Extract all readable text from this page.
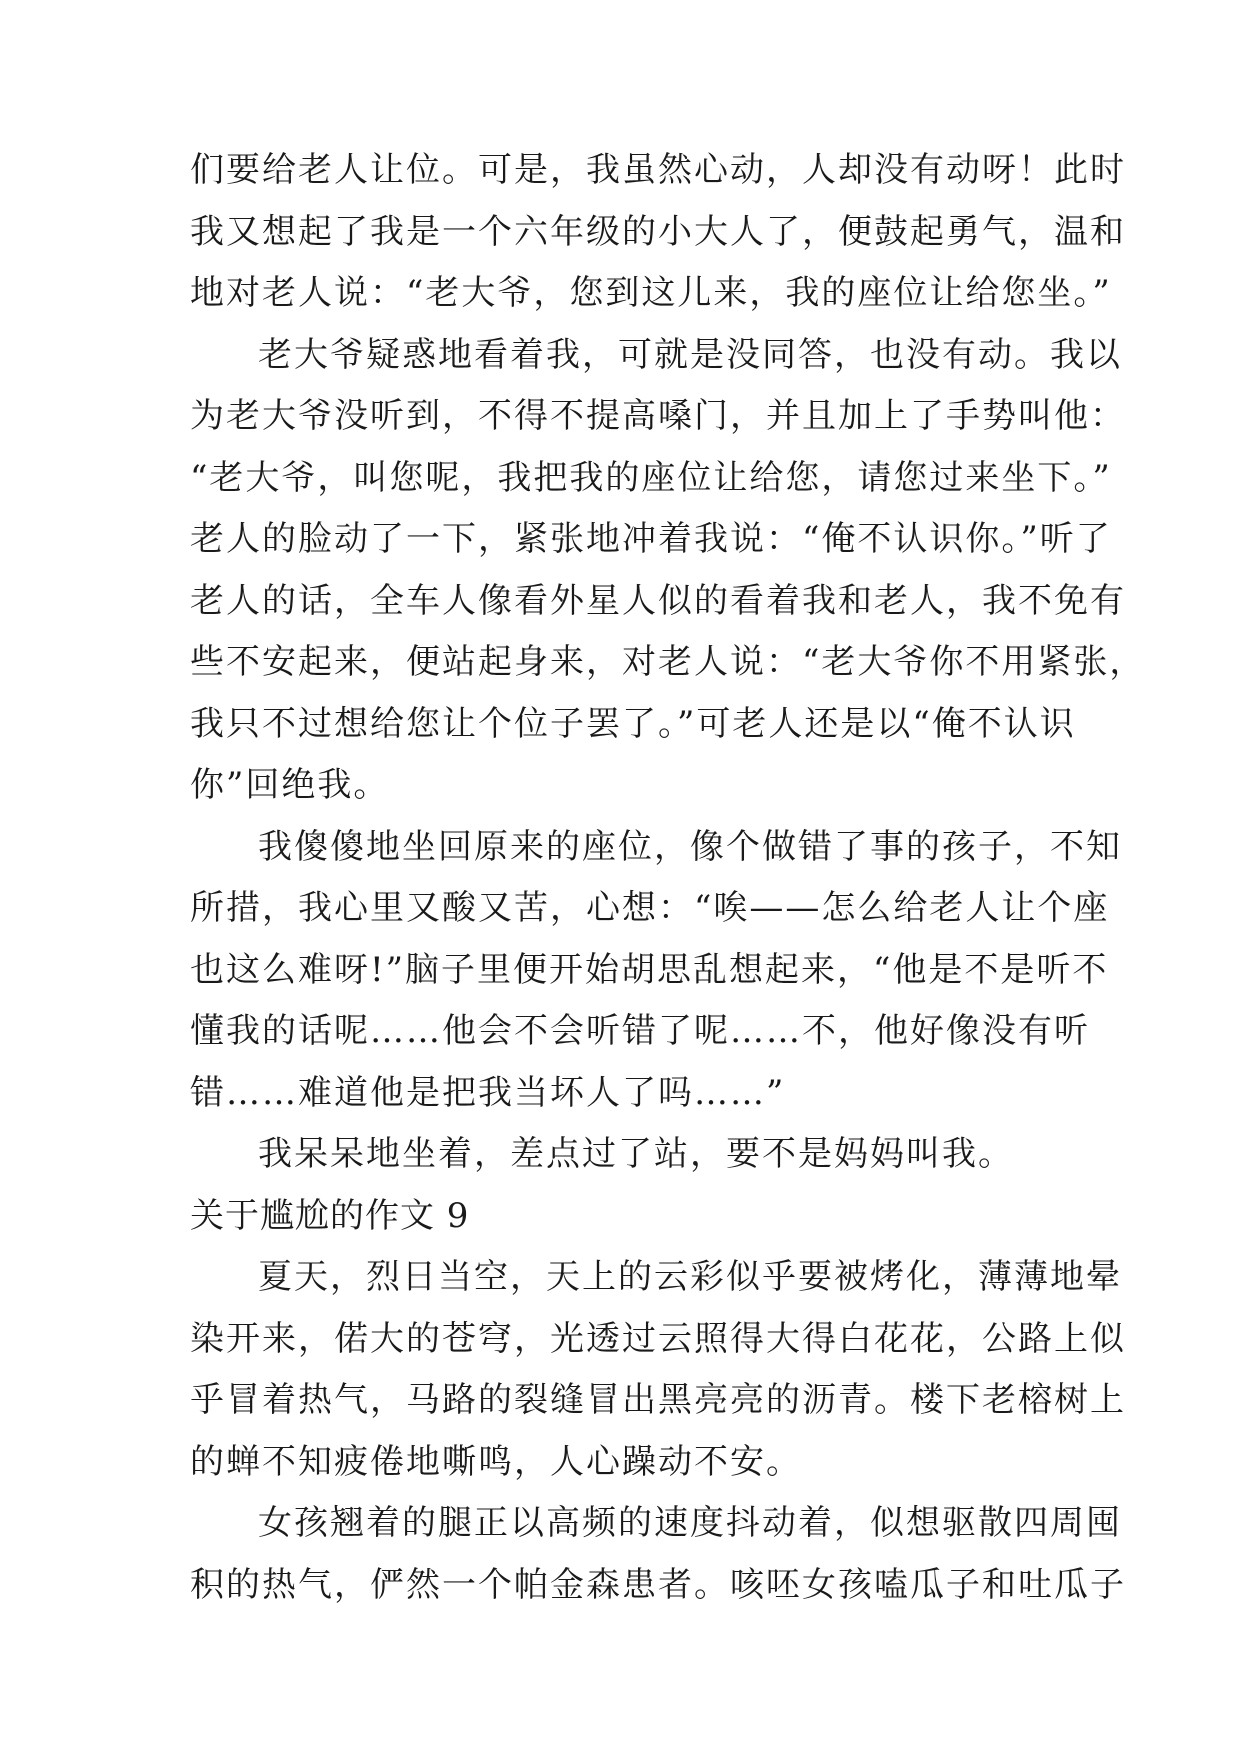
们要给老人让位。可是，我虽然心动，人却没有动呀！此时
我又想起了我是一个六年级的小大人了，便鼓起勇气，温和
地对老人说：“老大爷，您到这儿来，我的座位让给您坐。”
老大爷疑惑地看着我，可就是没同答，也没有动。我以
为老大爷没听到，不得不提高嗓门，并且加上了手势叫他：
“老大爷，叫您呢，我把我的座位让给您，请您过来坐下。”
老人的脸动了一下，紧张地冲着我说：“俺不认识你。”听了
老人的话，全车人像看外星人似的看着我和老人，我不免有
些不安起来，便站起身来，对老人说：“老大爷你不用紧张，
我只不过想给您让个位子罢了。”可老人还是以“俺不认识
你”回绝我。
我傻傻地坐回原来的座位，像个做错了事的孩子，不知
所措，我心里又酸又苦，心想：“唉——怎么给老人让个座
也这么难呀!”脑子里便开始胡思乱想起来，“他是不是听不
懂我的话呢……他会不会听错了呢……不，他好像没有听
错……难道他是把我当坏人了吗……”
我呆呆地坐着，差点过了站，要不是妈妈叫我。
关于尴尬的作文 9
夏天，烈日当空，天上的云彩似乎要被烤化，薄薄地晕
染开来，偌大的苍穹，光透过云照得大得白花花，公路上似
乎冒着热气，马路的裂缝冒出黑亮亮的沥青。楼下老榕树上
的蝉不知疲倦地嘶鸣，人心躁动不安。
女孩翘着的腿正以高频的速度抖动着，似想驱散四周囤
积的热气，俨然一个帕金森患者。咳呸女孩嗑瓜子和吐瓜子
